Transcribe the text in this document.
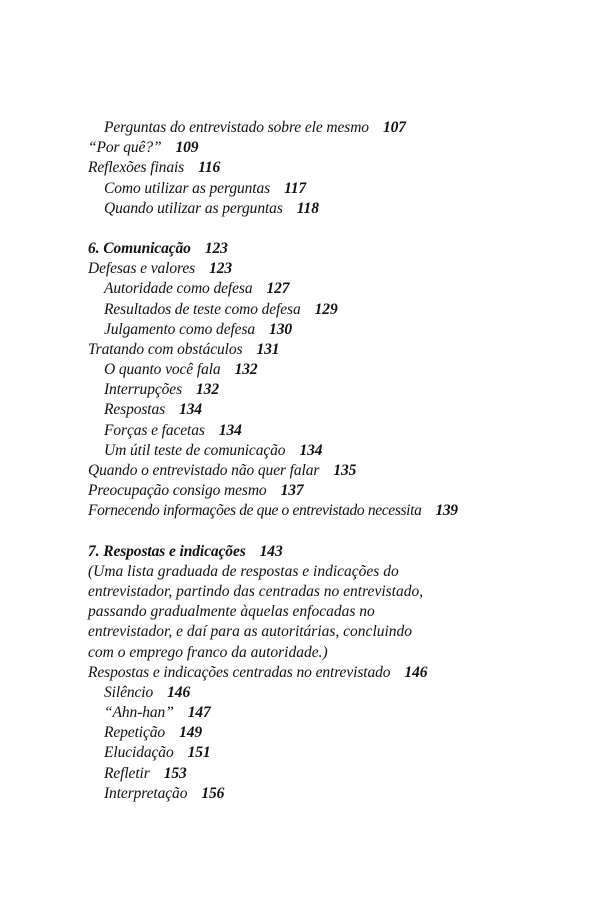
Perguntas do entrevistado sobre ele mesmo 107
“Por quê?” 109
Reflexões finais 116
Como utilizar as perguntas 117
Quando utilizar as perguntas 118
6. Comunicação 123
Defesas e valores 123
Autoridade como defesa 127
Resultados de teste como defesa 129
Julgamento como defesa 130
Tratando com obstáculos 131
O quanto você fala 132
Interrupções 132
Respostas 134
Forças e facetas 134
Um útil teste de comunicação 134
Quando o entrevistado não quer falar 135
Preocupação consigo mesmo 137
Fornecendo informações de que o entrevistado necessita 139
7. Respostas e indicações 143
(Uma lista graduada de respostas e indicações do
entrevistador, partindo das centradas no entrevistado,
passando gradualmente àquelas enfocadas no
entrevistador, e daí para as autoritárias, concluindo
com o emprego franco da autoridade.)
Respostas e indicações centradas no entrevistado 146
Silêncio 146
“Ahn-han” 147
Repetição 149
Elucidação 151
Refletir 153
Interpretação 156
